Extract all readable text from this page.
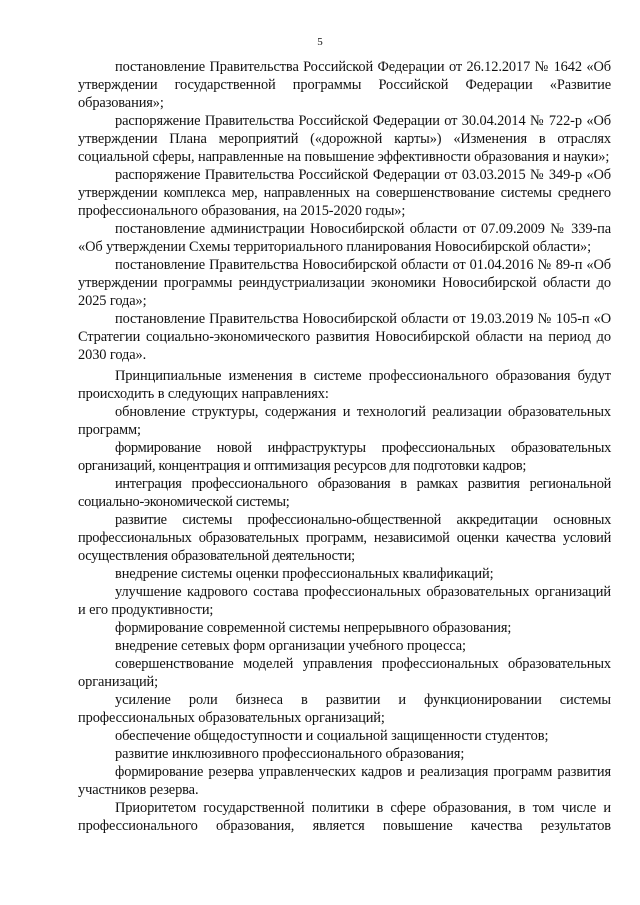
5

постановление Правительства Российской Федерации от 26.12.2017 № 1642 «Об утверждении государственной программы Российской Федерации «Развитие образования»;

распоряжение Правительства Российской Федерации от 30.04.2014 № 722-р «Об утверждении Плана мероприятий («дорожной карты») «Изменения в отраслях социальной сферы, направленные на повышение эффективности образования и науки»;

распоряжение Правительства Российской Федерации от 03.03.2015 № 349-р «Об утверждении комплекса мер, направленных на совершенствование системы среднего профессионального образования, на 2015-2020 годы»;

постановление администрации Новосибирской области от 07.09.2009 № 339-па «Об утверждении Схемы территориального планирования Новосибирской области»;

постановление Правительства Новосибирской области от 01.04.2016 № 89-п «Об утверждении программы реиндустриализации экономики Новосибирской области до 2025 года»;

постановление Правительства Новосибирской области от 19.03.2019 № 105-п «О Стратегии социально-экономического развития Новосибирской области на период до 2030 года».

Принципиальные изменения в системе профессионального образования будут происходить в следующих направлениях:

обновление структуры, содержания и технологий реализации образовательных программ;

формирование новой инфраструктуры профессиональных образовательных организаций, концентрация и оптимизация ресурсов для подготовки кадров;

интеграция профессионального образования в рамках развития региональной социально-экономической системы;

развитие системы профессионально-общественной аккредитации основных профессиональных образовательных программ, независимой оценки качества условий осуществления образовательной деятельности;

внедрение системы оценки профессиональных квалификаций;

улучшение кадрового состава профессиональных образовательных организаций и его продуктивности;

формирование современной системы непрерывного образования;

внедрение сетевых форм организации учебного процесса;

совершенствование моделей управления профессиональных образовательных организаций;

усиление роли бизнеса в развитии и функционировании системы профессиональных образовательных организаций;

обеспечение общедоступности и социальной защищенности студентов;

развитие инклюзивного профессионального образования;

формирование резерва управленческих кадров и реализация программ развития участников резерва.

Приоритетом государственной политики в сфере образования, в том числе и профессионального образования, является повышение качества результатов
